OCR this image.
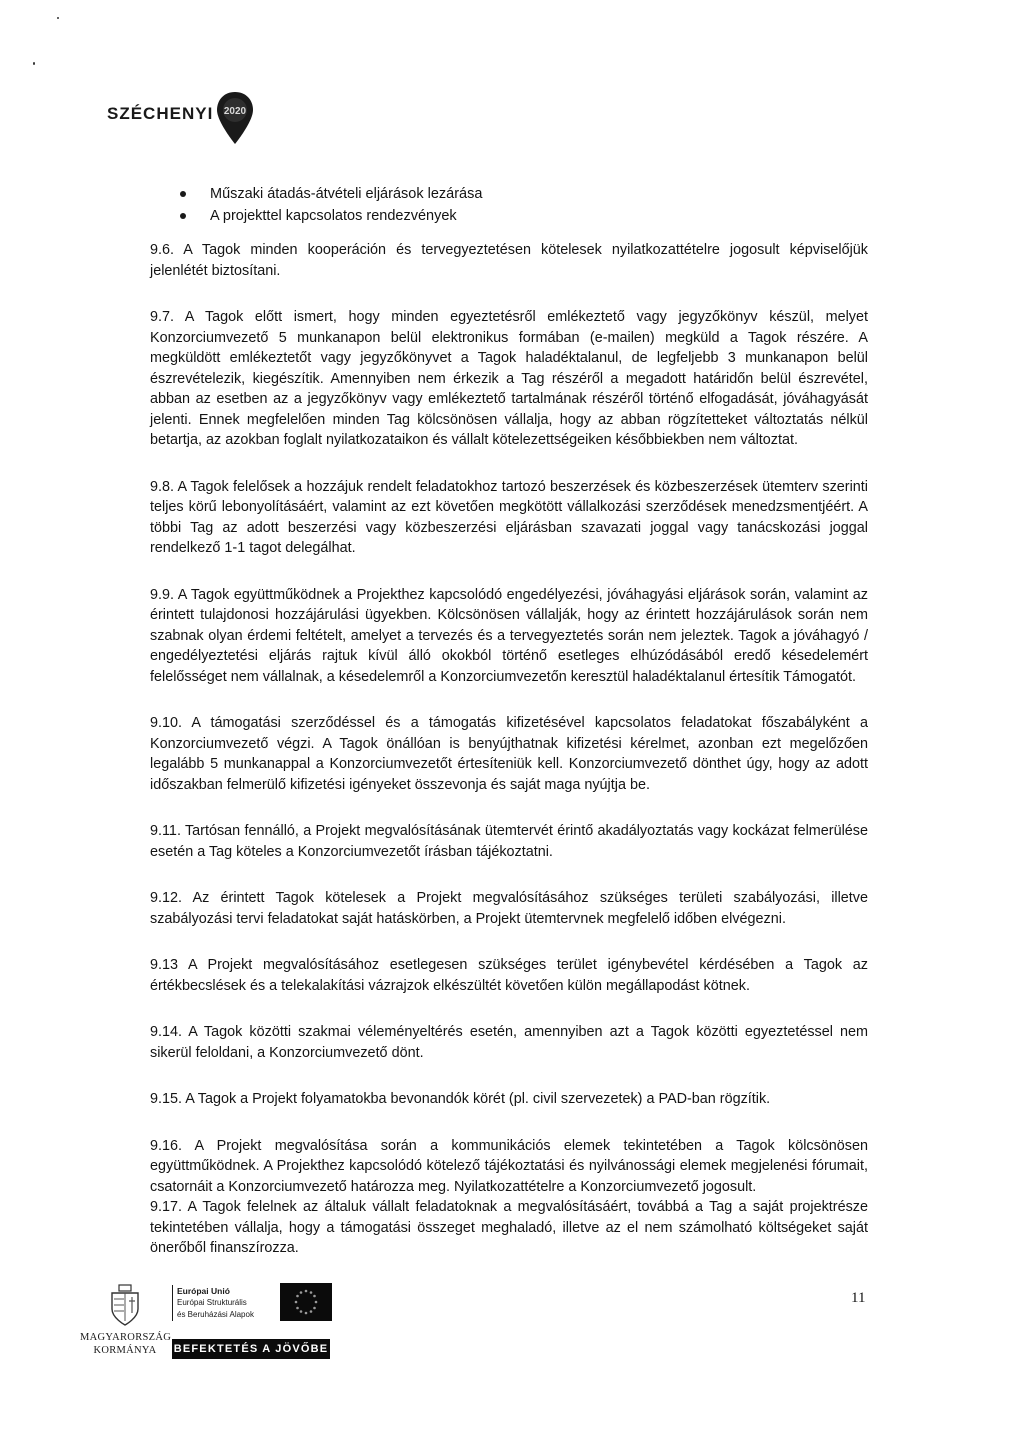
SZÉCHENYI 2020
Műszaki átadás-átvételi eljárások lezárása
A projekttel kapcsolatos rendezvények

9.6. A Tagok minden kooperáción és tervegyeztetésen kötelesek nyilatkozattételre jogosult képviselőjük jelenlétét biztosítani.

9.7. A Tagok előtt ismert, hogy minden egyeztetésről emlékeztető vagy jegyzőkönyv készül, melyet Konzorciumvezető 5 munkanapon belül elektronikus formában (e-mailen) megküld a Tagok részére. A megküldött emlékeztetőt vagy jegyzőkönyvet a Tagok haladéktalanul, de legfeljebb 3 munkanapon belül észrevételezik, kiegészítik. Amennyiben nem érkezik a Tag részéről a megadott határidőn belül észrevétel, abban az esetben az a jegyzőkönyv vagy emlékeztető tartalmának részéről történő elfogadását, jóváhagyását jelenti. Ennek megfelelően minden Tag kölcsönösen vállalja, hogy az abban rögzítetteket változtatás nélkül betartja, az azokban foglalt nyilatkozataikon és vállalt kötelezettségeiken későbbiekben nem változtat.

9.8. A Tagok felelősek a hozzájuk rendelt feladatokhoz tartozó beszerzések és közbeszerzések ütemterv szerinti teljes körű lebonyolításáért, valamint az ezt követően megkötött vállalkozási szerződések menedzsmentjéért. A többi Tag az adott beszerzési vagy közbeszerzési eljárásban szavazati joggal vagy tanácskozási joggal rendelkező 1-1 tagot delegálhat.

9.9. A Tagok együttműködnek a Projekthez kapcsolódó engedélyezési, jóváhagyási eljárások során, valamint az érintett tulajdonosi hozzájárulási ügyekben. Kölcsönösen vállalják, hogy az érintett hozzájárulások során nem szabnak olyan érdemi feltételt, amelyet a tervezés és a tervegyeztetés során nem jeleztek. Tagok a jóváhagyó / engedélyeztetési eljárás rajtuk kívül álló okokból történő esetleges elhúzódásából eredő késedelemért felelősséget nem vállalnak, a késedelemről a Konzorciumvezetőn keresztül haladéktalanul értesítik Támogatót.

9.10. A támogatási szerződéssel és a támogatás kifizetésével kapcsolatos feladatokat főszabályként a Konzorciumvezető végzi. A Tagok önállóan is benyújthatnak kifizetési kérelmet, azonban ezt megelőzően legalább 5 munkanappal a Konzorciumvezetőt értesíteniük kell. Konzorciumvezető dönthet úgy, hogy az adott időszakban felmerülő kifizetési igényeket összevonja és saját maga nyújtja be.

9.11. Tartósan fennálló, a Projekt megvalósításának ütemtervét érintő akadályoztatás vagy kockázat felmerülése esetén a Tag köteles a Konzorciumvezetőt írásban tájékoztatni.

9.12. Az érintett Tagok kötelesek a Projekt megvalósításához szükséges területi szabályozási, illetve szabályozási tervi feladatokat saját hatáskörben, a Projekt ütemtervnek megfelelő időben elvégezni.

9.13 A Projekt megvalósításához esetlegesen szükséges terület igénybevétel kérdésében a Tagok az értékbecslések és a telekalakítási vázrajzok elkészültét követően külön megállapodást kötnek.

9.14. A Tagok közötti szakmai véleményeltérés esetén, amennyiben azt a Tagok közötti egyeztetéssel nem sikerül feloldani, a Konzorciumvezető dönt.

9.15. A Tagok a Projekt folyamatokba bevonandók körét (pl. civil szervezetek) a PAD-ban rögzítik.

9.16. A Projekt megvalósítása során a kommunikációs elemek tekintetében a Tagok kölcsönösen együttműködnek. A Projekthez kapcsolódó kötelező tájékoztatási és nyilvánossági elemek megjelenési fórumait, csatornáit a Konzorciumvezető határozza meg. Nyilatkozattételre a Konzorciumvezető jogosult.

9.17. A Tagok felelnek az általuk vállalt feladatoknak a megvalósításáért, továbbá a Tag a saját projektrésze tekintetében vállalja, hogy a támogatási összeget meghaladó, illetve az el nem számolható költségeket saját önerőből finanszírozza.

11
MAGYARORSZÁG
KORMÁNYA
Európai Unió
Európai Strukturális
és Beruházási Alapok
BEFEKTETÉS A JÖVŐBE
